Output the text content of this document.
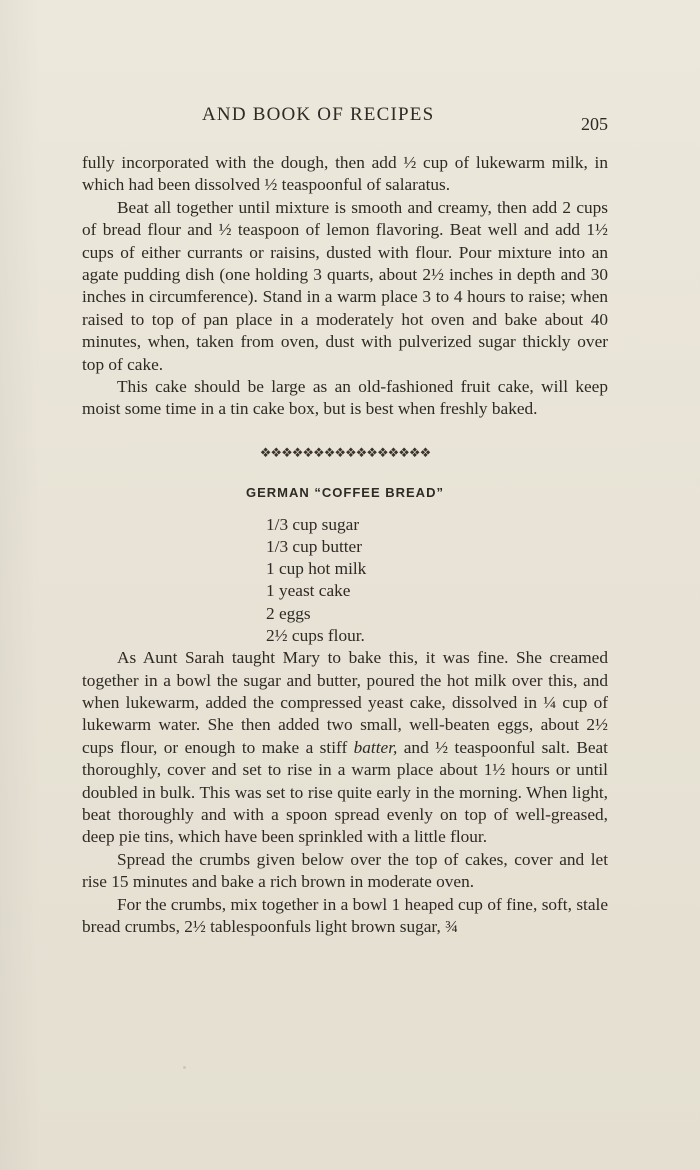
AND BOOK OF RECIPES	205

fully incorporated with the dough, then add ½ cup of lukewarm milk, in which had been dissolved ½ teaspoonful of salaratus.

Beat all together until mixture is smooth and creamy, then add 2 cups of bread flour and ½ teaspoon of lemon flavoring. Beat well and add 1½ cups of either currants or raisins, dusted with flour. Pour mixture into an agate pudding dish (one holding 3 quarts, about 2½ inches in depth and 30 inches in circumference). Stand in a warm place 3 to 4 hours to raise; when raised to top of pan place in a moderately hot oven and bake about 40 minutes, when, taken from oven, dust with pulverized sugar thickly over top of cake.

This cake should be large as an old-fashioned fruit cake, will keep moist some time in a tin cake box, but is best when freshly baked.

❖❖❖❖❖❖❖❖❖❖❖❖❖❖❖❖
GERMAN “COFFEE BREAD”
1/3 cup sugar
1/3 cup butter
1 cup hot milk
1 yeast cake
2 eggs
2½ cups flour.

As Aunt Sarah taught Mary to bake this, it was fine. She creamed together in a bowl the sugar and butter, poured the hot milk over this, and when lukewarm, added the compressed yeast cake, dissolved in ¼ cup of lukewarm water. She then added two small, well-beaten eggs, about 2½ cups flour, or enough to make a stiff batter, and ½ teaspoonful salt. Beat thoroughly, cover and set to rise in a warm place about 1½ hours or until doubled in bulk. This was set to rise quite early in the morning. When light, beat thoroughly and with a spoon spread evenly on top of well-greased, deep pie tins, which have been sprinkled with a little flour.

Spread the crumbs given below over the top of cakes, cover and let rise 15 minutes and bake a rich brown in moderate oven.

For the crumbs, mix together in a bowl 1 heaped cup of fine, soft, stale bread crumbs, 2½ tablespoonfuls light brown sugar, ¾
